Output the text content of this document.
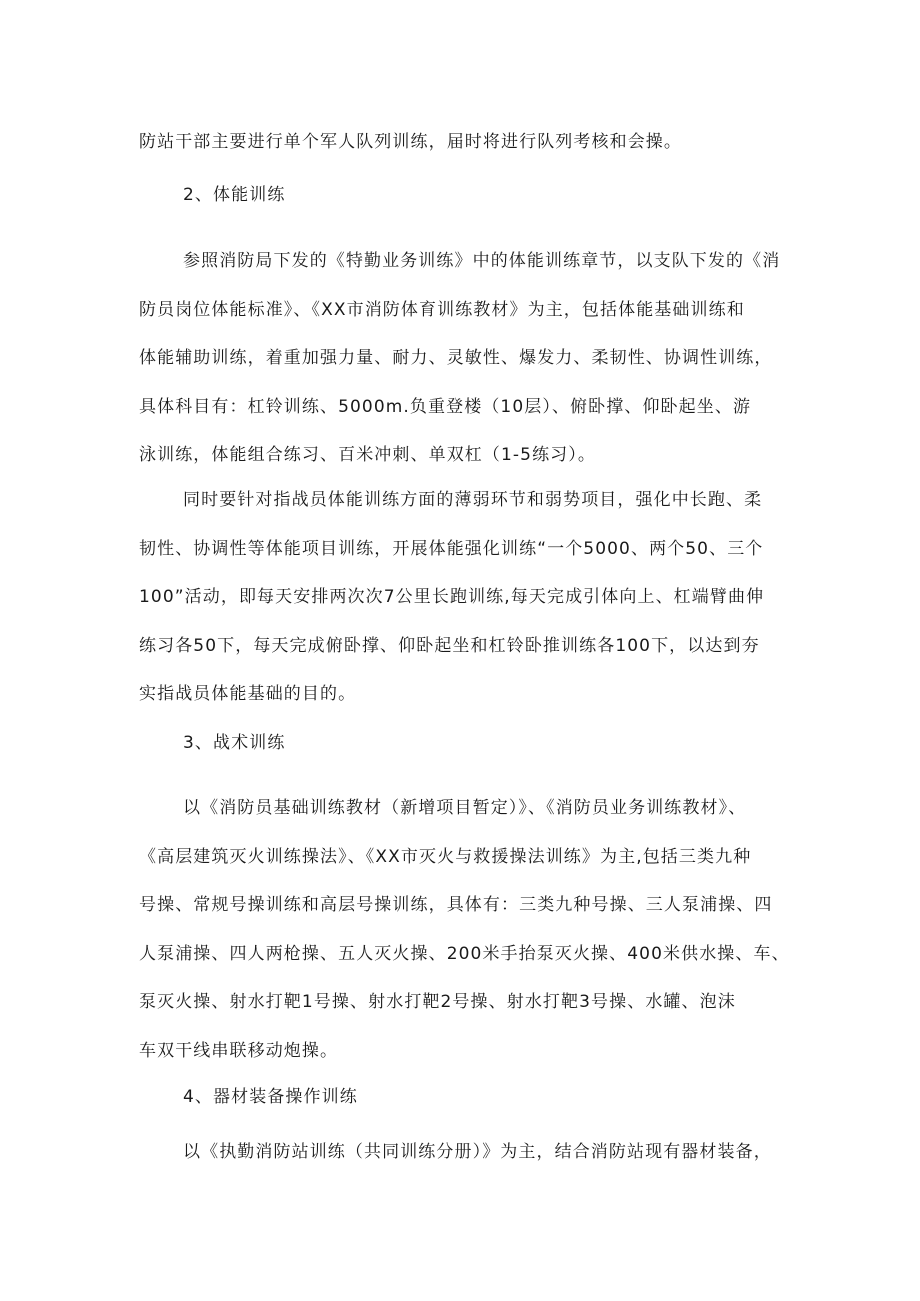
防站干部主要进行单个军人队列训练，届时将进行队列考核和会操。
2、体能训练
参照消防局下发的《特勤业务训练》中的体能训练章节，以支队下发的《消
防员岗位体能标准》、《XX市消防体育训练教材》为主，包括体能基础训练和
体能辅助训练，着重加强力量、耐力、灵敏性、爆发力、柔韧性、协调性训练，
具体科目有：杠铃训练、5000m.负重登楼（10层）、俯卧撑、仰卧起坐、游
泳训练，体能组合练习、百米冲刺、单双杠（1-5练习）。
同时要针对指战员体能训练方面的薄弱环节和弱势项目，强化中长跑、柔
韧性、协调性等体能项目训练，开展体能强化训练“一个5000、两个50、三个
100”活动，即每天安排两次次7公里长跑训练,每天完成引体向上、杠端臂曲伸
练习各50下，每天完成俯卧撑、仰卧起坐和杠铃卧推训练各100下，以达到夯
实指战员体能基础的目的。
3、战术训练
以《消防员基础训练教材（新增项目暂定）》、《消防员业务训练教材》、
《高层建筑灭火训练操法》、《XX市灭火与救援操法训练》为主,包括三类九种
号操、常规号操训练和高层号操训练，具体有：三类九种号操、三人泵浦操、四
人泵浦操、四人两枪操、五人灭火操、200米手抬泵灭火操、400米供水操、车、
泵灭火操、射水打靶1号操、射水打靶2号操、射水打靶3号操、水罐、泡沫
车双干线串联移动炮操。
4、器材装备操作训练
以《执勤消防站训练（共同训练分册）》为主，结合消防站现有器材装备，
